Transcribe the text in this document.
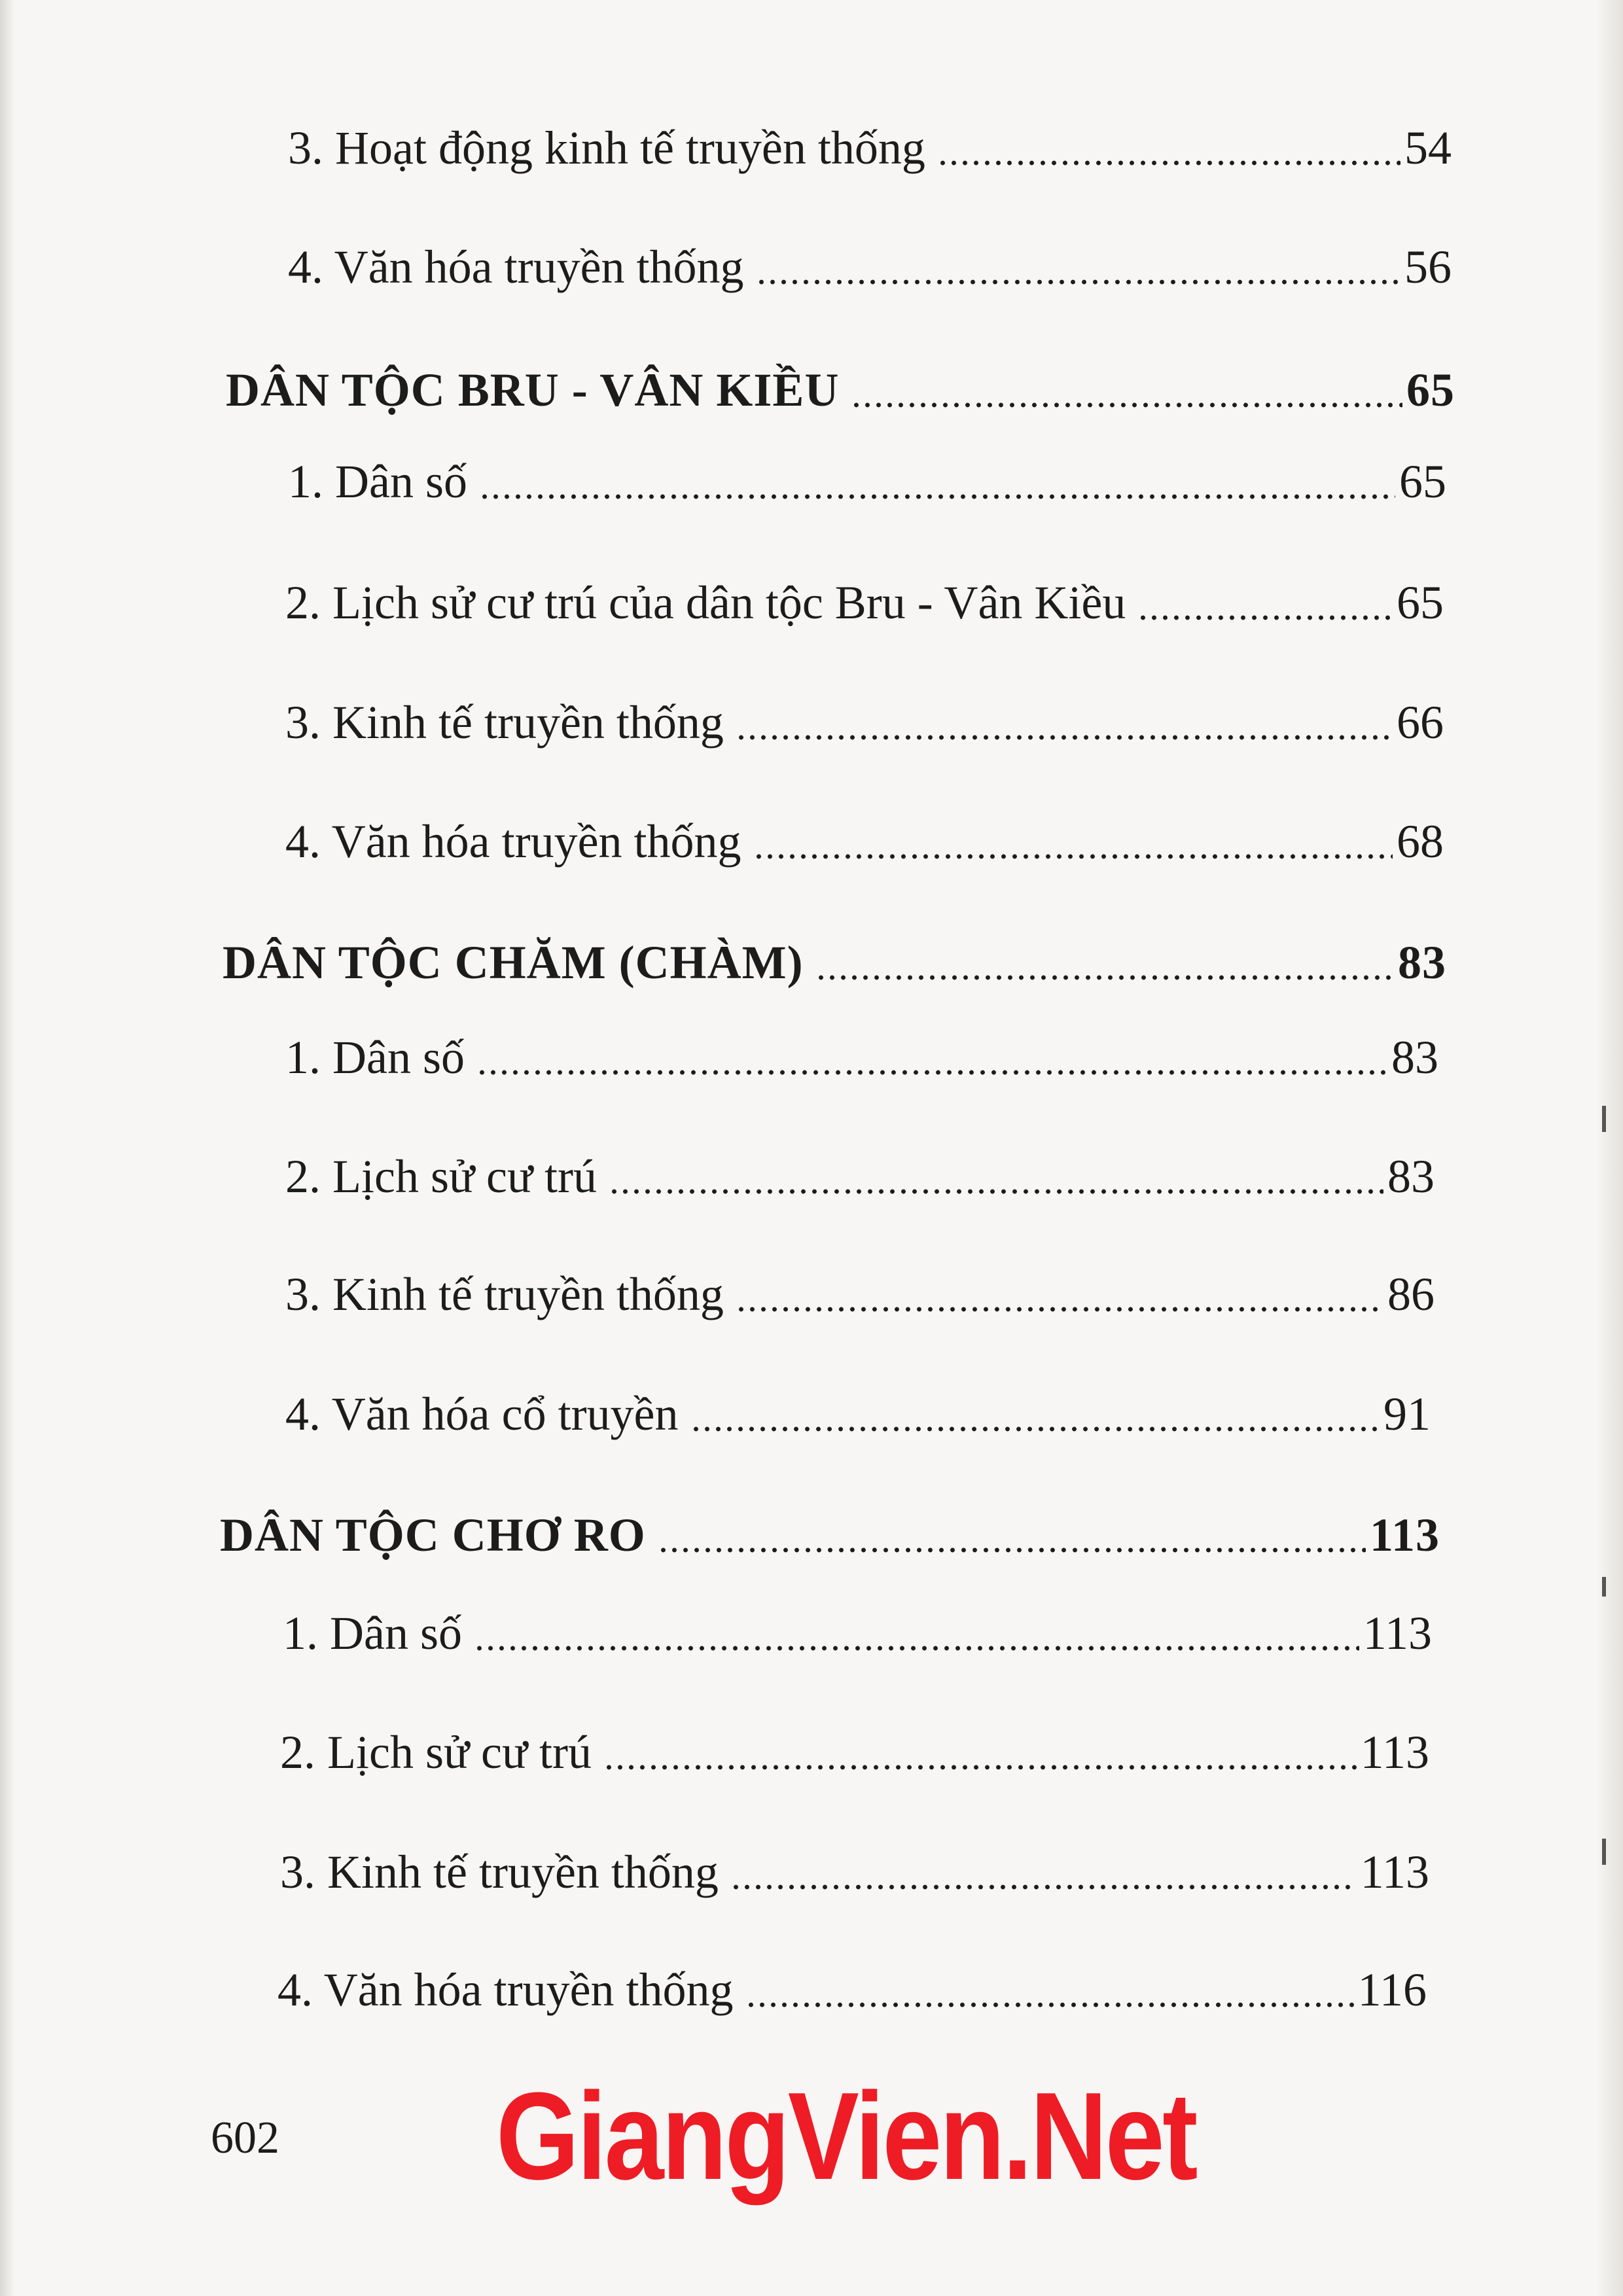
3. Hoạt động kinh tế truyền thống	54
4. Văn hóa truyền thống	56
DÂN TỘC BRU - VÂN KIỀU	65
1. Dân số	65
2. Lịch sử cư trú của dân tộc Bru - Vân Kiều	65
3. Kinh tế truyền thống	66
4. Văn hóa truyền thống	68
DÂN TỘC CHĂM (CHÀM)	83
1. Dân số	83
2. Lịch sử cư trú	83
3. Kinh tế truyền thống	86
4. Văn hóa cổ truyền	91
DÂN TỘC CHƠ RO	113
1. Dân số	113
2. Lịch sử cư trú	113
3. Kinh tế truyền thống	113
4. Văn hóa truyền thống	116
602 GiangVien.Net
